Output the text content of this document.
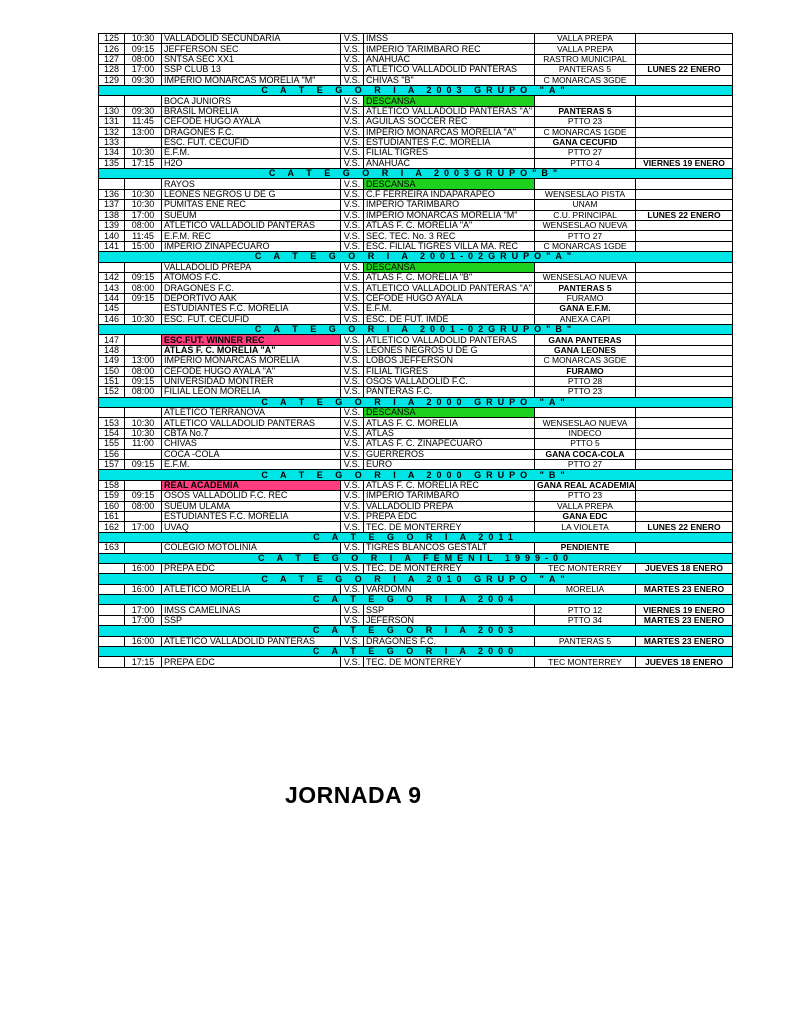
125	10:30	VALLADOLID SECUNDARIA	V.S.	IMSS	VALLA PREPA	
126	09:15	JEFFERSON SEC	V.S.	IMPERIO TARIMBARO REC	VALLA PREPA	
127	08:00	SNTSA SEC XX1	V.S.	ANAHUAC	RASTRO MUNICIPAL	
128	17:00	SSP CLUB 13	V.S.	ATLETICO VALLADOLID PANTERAS	PANTERAS 5	LUNES 22 ENERO
129	09:30	IMPERIO MONARCAS MORELIA "M"	V.S.	CHIVAS "B"	C MONARCAS 3GDE	
C A T E G O R I A 2003 GRUPO "A"						
		BOCA JUNIORS	V.S.	DESCANSA		
130	09:30	BRASIL MORELIA	V.S.	ATLETICO VALLADOLID PANTERAS "A"	PANTERAS 5	
131	11:45	CEFODE HUGO AYALA	V.S.	AGUILAS SOCCER REC	PTTO 23	
132	13:00	DRAGONES F.C.	V.S.	IMPERIO MONARCAS MORELIA "A"	C MONARCAS 1GDE	
133		ESC. FUT. CECUFID	V.S.	ESTUDIANTES F.C. MORELIA	GANA CECUFID	
134	10:30	E.F.M.	V.S.	FILIAL TIGRES	PTTO 27	
135	17:15	H2O	V.S.	ANAHUAC	PTTO 4	VIERNES 19 ENERO
C A T E G O R I A 2003GRUPO"B"						
		RAYOS	V.S.	DESCANSA		
136	10:30	LEONES NEGROS U DE G	V.S.	C.F FERREIRA INDAPARAPEO	WENSESLAO PISTA	
137	10:30	PUMITAS ENE REC	V.S.	IMPERIO TARIMBARO	UNAM	
138	17:00	SUEUM	V.S.	IMPERIO MONARCAS MORELIA "M"	C.U. PRINCIPAL	LUNES 22 ENERO
139	08:00	ATLETICO VALLADOLID PANTERAS	V.S.	ATLAS F. C. MORELIA "A"	WENSESLAO NUEVA	
140	11:45	E.F.M. REC	V.S.	SEC. TEC. No. 3 REC	PTTO 27	
141	15:00	IMPERIO ZINAPECUARO	V.S.	ESC. FILIAL TIGRES VILLA MA. REC	C MONARCAS 1GDE	
C A T E G O R I A 2001-02GRUPO"A"						
		VALLADOLID PREPA	V.S.	DESCANSA		
142	09:15	ATOMOS F.C.	V.S.	ATLAS F. C. MORELIA "B"	WENSESLAO NUEVA	
143	08:00	DRAGONES F.C.	V.S.	ATLETICO VALLADOLID PANTERAS "A"	PANTERAS 5	
144	09:15	DEPORTIVO AAK	V.S.	CEFODE HUGO AYALA	FURAMO	
145		ESTUDIANTES F.C. MORELIA	V.S.	E.F.M.	GANA E.F.M.	
146	10:30	ESC. FUT. CECUFID	V.S.	ESC. DE FUT. IMDE	ANEXA CAPI	
C A T E G O R I A 2001-02GRUPO"B"						
147		ESC.FUT. WINNER REC	V.S.	ATLETICO VALLADOLID PANTERAS	GANA PANTERAS	
148		ATLAS F. C. MORELIA "A"	V.S.	LEONES NEGROS U DE G	GANA LEONES	
149	13:00	IMPERIO MONARCAS MORELIA	V.S.	LOBOS JEFFERSON	C MONARCAS 3GDE	
150	08:00	CEFODE HUGO AYALA "A"	V.S.	FILIAL TIGRES	FURAMO	
151	09:15	UNIVERSIDAD MONTRER	V.S.	OSOS VALLADOLID F.C.	PTTO 28	
152	08:00	FILIAL LEON MORELIA	V.S.	PANTERAS F.C.	PTTO 23	
C A T E G O R I A 2000 GRUPO "A"						
		ATLETICO TERRANOVA	V.S.	DESCANSA		
153	10:30	ATLETICO VALLADOLID PANTERAS	V.S.	ATLAS F. C. MORELIA	WENSESLAO NUEVA	
154	10:30	CBTA No.7	V.S.	ATLAS	INDECO	
155	11:00	CHIVAS	V.S.	ATLAS F. C. ZINAPECUARO	PTTO 5	
156		COCA -COLA	V.S.	GUERREROS	GANA COCA-COLA	
157	09:15	E.F.M.	V.S.	EURO	PTTO 27	
C A T E G O R I A 2000 GRUPO "B"						
158		REAL ACADEMIA	V.S.	ATLAS F. C. MORELIA REC	GANA REAL ACADEMIA	
159	09:15	OSOS VALLADOLID F.C. REC	V.S.	IMPERIO TARIMBARO	PTTO 23	
160	08:00	SUEUM ULAMA	V.S.	VALLADOLID PREPA	VALLA PREPA	
161		ESTUDIANTES F.C. MORELIA	V.S.	PREPA EDC	GANA EDC	
162	17:00	UVAQ	V.S.	TEC. DE MONTERREY	LA VIOLETA	LUNES 22 ENERO
C A T E G O R I A 2011						
163		COLEGIO MOTOLINIA	V.S.	TIGRES BLANCOS GESTALT	PENDIENTE	
C A T E G O R I A FEMENIL 1999-00						
	16:00	PREPA EDC	V.S.	TEC. DE MONTERREY	TEC MONTERREY	JUEVES 18 ENERO
C A T E G O R I A 2010 GRUPO "A"						
	16:00	ATLETICO MORELIA	V.S.	VARDOMN	MORELIA	MARTES 23 ENERO
C A T E G O R I A 2004						
	17:00	IMSS CAMELINAS	V.S.	SSP	PTTO 12	VIERNES 19 ENERO
	17:00	SSP	V.S.	JEFERSON	PTTO 34	MARTES 23 ENERO
C A T E G O R I A 2003						
	16:00	ATLETICO VALLADOLID PANTERAS	V.S.	DRAGONES F.C.	PANTERAS 5	MARTES 23 ENERO
C A T E G O R I A 2000						
	17:15	PREPA EDC	V.S.	TEC. DE MONTERREY	TEC MONTERREY	JUEVES 18 ENERO
JORNADA 9
